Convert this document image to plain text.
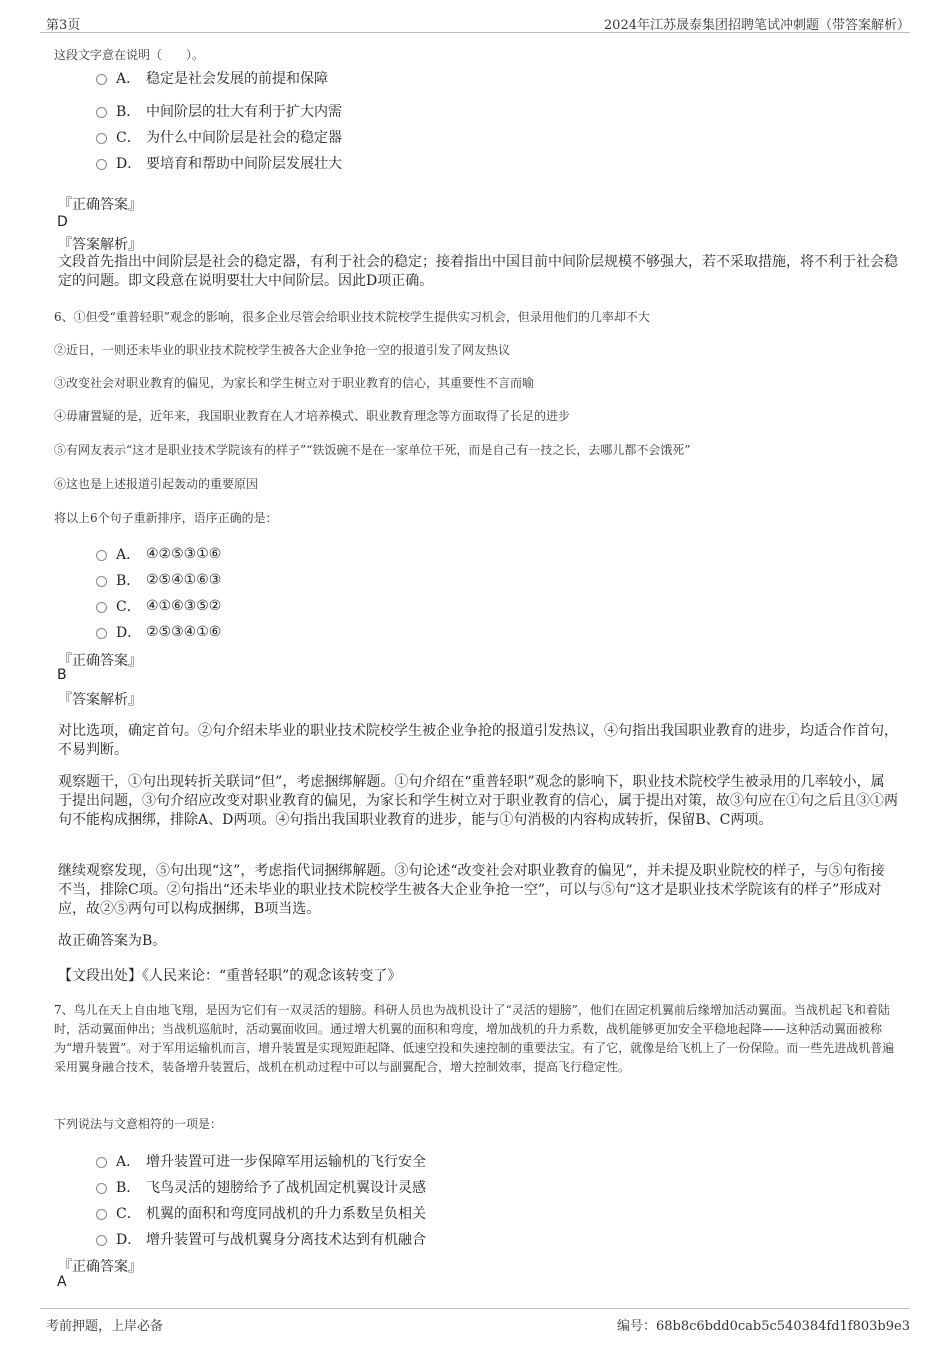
第3页	2024年江苏晟泰集团招聘笔试冲刺题（带答案解析）
这段文字意在说明（　　）。
A． 稳定是社会发展的前提和保障
B． 中间阶层的壮大有利于扩大内需
C． 为什么中间阶层是社会的稳定器
D． 要培育和帮助中间阶层发展壮大
『正确答案』
D
『答案解析』
文段首先指出中间阶层是社会的稳定器，有利于社会的稳定；接着指出中国目前中间阶层规模不够强大，若不采取措施，将不利于社会稳定的问题。即文段意在说明要壮大中间阶层。因此D项正确。
6、①但受“重普轻职”观念的影响，很多企业尽管会给职业技术院校学生提供实习机会，但录用他们的几率却不大
②近日，一则还未毕业的职业技术院校学生被各大企业争抢一空的报道引发了网友热议
③改变社会对职业教育的偏见，为家长和学生树立对于职业教育的信心，其重要性不言而喻
④毋庸置疑的是，近年来，我国职业教育在人才培养模式、职业教育理念等方面取得了长足的进步
⑤有网友表示“这才是职业技术学院该有的样子”“铁饭碗不是在一家单位干死，而是自己有一技之长，去哪儿都不会饿死”
⑥这也是上述报道引起轰动的重要原因
将以上6个句子重新排序，语序正确的是：
A． ④②⑤③①⑥
B． ②⑤④①⑥③
C． ④①⑥③⑤②
D． ②⑤③④①⑥
『正确答案』
B
『答案解析』
对比选项，确定首句。②句介绍未毕业的职业技术院校学生被企业争抢的报道引发热议，④句指出我国职业教育的进步，均适合作首句，不易判断。
观察题干，①句出现转折关联词“但”，考虑捆绑解题。①句介绍在“重普轻职”观念的影响下，职业技术院校学生被录用的几率较小，属于提出问题，③句介绍应改变对职业教育的偏见，为家长和学生树立对于职业教育的信心，属于提出对策，故③句应在①句之后且③①两句不能构成捆绑，排除A、D两项。④句指出我国职业教育的进步，能与①句消极的内容构成转折，保留B、C两项。
继续观察发现，⑤句出现“这”，考虑指代词捆绑解题。③句论述“改变社会对职业教育的偏见”，并未提及职业院校的样子，与⑤句衔接不当，排除C项。②句指出“还未毕业的职业技术院校学生被各大企业争抢一空”，可以与⑤句“这才是职业技术学院该有的样子”形成对应，故②⑤两句可以构成捆绑，B项当选。
故正确答案为B。
【文段出处】《人民来论：“重普轻职”的观念该转变了》
7、鸟儿在天上自由地飞翔，是因为它们有一双灵活的翅膀。科研人员也为战机设计了“灵活的翅膀”，他们在固定机翼前后缘增加活动翼面。当战机起飞和着陆时，活动翼面伸出；当战机巡航时，活动翼面收回。通过增大机翼的面积和弯度，增加战机的升力系数，战机能够更加安全平稳地起降——这种活动翼面被称为“增升装置”。对于军用运输机而言，增升装置是实现短距起降、低速空投和失速控制的重要法宝。有了它，就像是给飞机上了一份保险。而一些先进战机普遍采用翼身融合技术，装备增升装置后，战机在机动过程中可以与副翼配合，增大控制效率，提高飞行稳定性。
下列说法与文意相符的一项是：
A． 增升装置可进一步保障军用运输机的飞行安全
B． 飞鸟灵活的翅膀给予了战机固定机翼设计灵感
C． 机翼的面积和弯度同战机的升力系数呈负相关
D． 增升装置可与战机翼身分离技术达到有机融合
『正确答案』
A
考前押题，上岸必备	编号：68b8c6bdd0cab5c540384fd1f803b9e3
